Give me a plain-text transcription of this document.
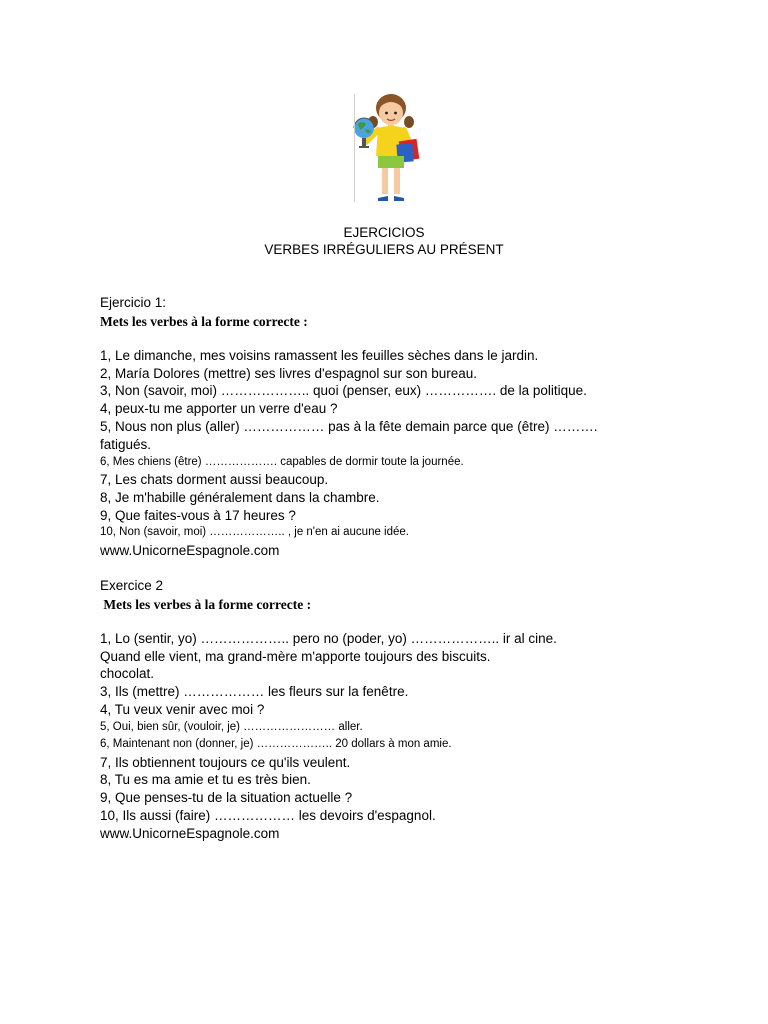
EJERCICIOS
VERBES IRRÉGULIERS AU PRÉSENT
Ejercicio 1:
Mets les verbes à la forme correcte :
1, Le dimanche, mes voisins ramassent les feuilles sèches dans le jardin.
2, María Dolores (mettre) ses livres d'espagnol sur son bureau.
3, Non (savoir, moi) ……………….. quoi (penser, eux) ……………. de la politique.
4, peux-tu me apporter un verre d'eau ?
5, Nous non plus (aller) ……………… pas à la fête demain parce que (être) ……….
fatigués.
6, Mes chiens (être) ………………. capables de dormir toute la journée.
7, Les chats dorment aussi beaucoup.
8, Je m'habille généralement dans la chambre.
9, Que faites-vous à 17 heures ?
10, Non (savoir, moi) ……………….. , je n'en ai aucune idée.
www.UnicorneEspagnole.com
Exercice 2
Mets les verbes à la forme correcte :
1, Lo (sentir, yo) ……………….. pero no (poder, yo) ……………….. ir al cine.
Quand elle vient, ma grand-mère m'apporte toujours des biscuits.
chocolat.
3, Ils (mettre) ……………… les fleurs sur la fenêtre.
4, Tu veux venir avec moi ?
5, Oui, bien sûr, (vouloir, je) …………………… aller.
6, Maintenant non (donner, je) ……………….. 20 dollars à mon amie.
7, Ils obtiennent toujours ce qu'ils veulent.
8, Tu es ma amie et tu es très bien.
9, Que penses-tu de la situation actuelle ?
10, Ils aussi (faire) ……………… les devoirs d'espagnol.
www.UnicorneEspagnole.com
